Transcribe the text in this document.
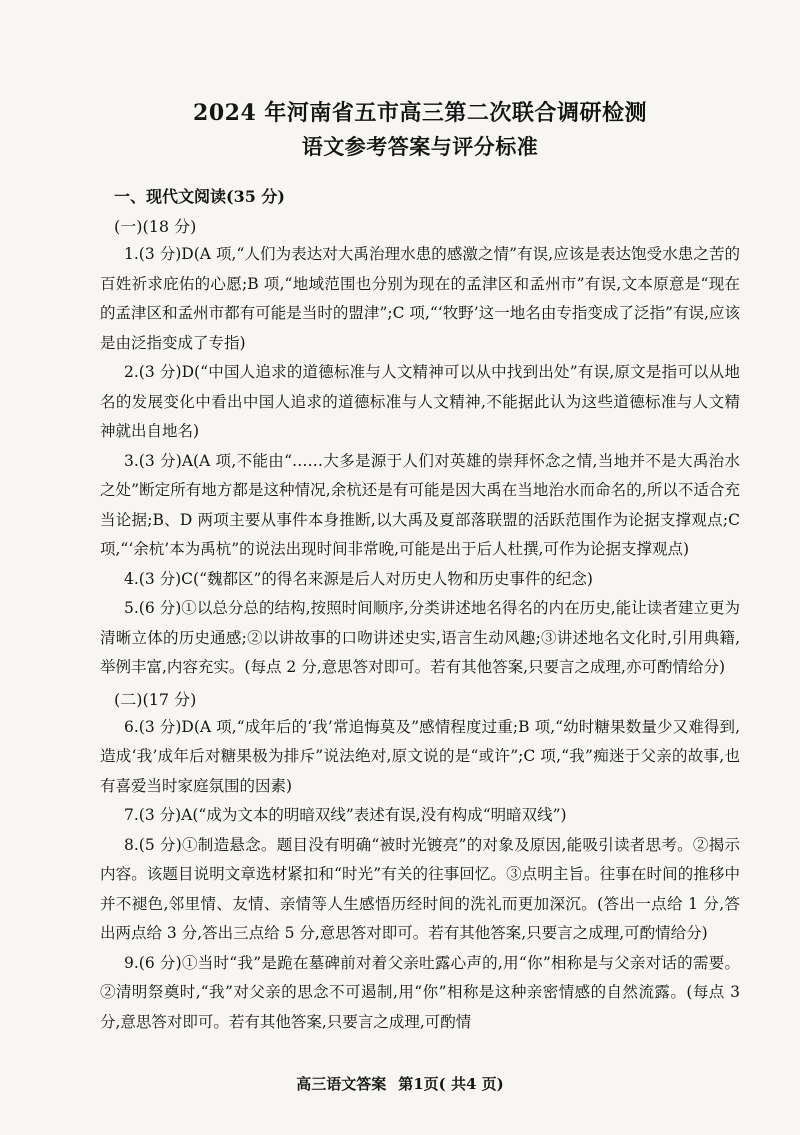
2024 年河南省五市高三第二次联合调研检测
语文参考答案与评分标准
一、现代文阅读(35 分)
(一)(18 分)

1.(3 分)D(A 项,“人们为表达对大禹治理水患的感激之情”有误,应该是表达饱受水患之苦的百姓祈求庇佑的心愿;B 项,“地域范围也分别为现在的孟津区和孟州市”有误,文本原意是“现在的孟津区和孟州市都有可能是当时的盟津”;C 项,“‘牧野’这一地名由专指变成了泛指”有误,应该是由泛指变成了专指)

2.(3 分)D(“中国人追求的道德标准与人文精神可以从中找到出处”有误,原文是指可以从地名的发展变化中看出中国人追求的道德标准与人文精神,不能据此认为这些道德标准与人文精神就出自地名)

3.(3 分)A(A 项,不能由“……大多是源于人们对英雄的崇拜怀念之情,当地并不是大禹治水之处”断定所有地方都是这种情况,余杭还是有可能是因大禹在当地治水而命名的,所以不适合充当论据;B、D 两项主要从事件本身推断,以大禹及夏部落联盟的活跃范围作为论据支撑观点;C 项,“‘余杭’本为禹杭”的说法出现时间非常晚,可能是出于后人杜撰,可作为论据支撑观点)

4.(3 分)C(“魏都区”的得名来源是后人对历史人物和历史事件的纪念)

5.(6 分)①以总分总的结构,按照时间顺序,分类讲述地名得名的内在历史,能让读者建立更为清晰立体的历史通感;②以讲故事的口吻讲述史实,语言生动风趣;③讲述地名文化时,引用典籍,举例丰富,内容充实。(每点 2 分,意思答对即可。若有其他答案,只要言之成理,亦可酌情给分)

(二)(17 分)

6.(3 分)D(A 项,“成年后的‘我’常追悔莫及”感情程度过重;B 项,“幼时糖果数量少又难得到,造成‘我’成年后对糖果极为排斥”说法绝对,原文说的是“或许”;C 项,“我”痴迷于父亲的故事,也有喜爱当时家庭氛围的因素)

7.(3 分)A(“成为文本的明暗双线”表述有误,没有构成“明暗双线”)

8.(5 分)①制造悬念。题目没有明确“被时光镀亮”的对象及原因,能吸引读者思考。②揭示内容。该题目说明文章选材紧扣和“时光”有关的往事回忆。③点明主旨。往事在时间的推移中并不褪色,邻里情、友情、亲情等人生感悟历经时间的洗礼而更加深沉。(答出一点给 1 分,答出两点给 3 分,答出三点给 5 分,意思答对即可。若有其他答案,只要言之成理,可酌情给分)

9.(6 分)①当时“我”是跪在墓碑前对着父亲吐露心声的,用“你”相称是与父亲对话的需要。②清明祭奠时,“我”对父亲的思念不可遏制,用“你”相称是这种亲密情感的自然流露。(每点 3 分,意思答对即可。若有其他答案,只要言之成理,可酌情

高三语文答案 第1页( 共4 页)
